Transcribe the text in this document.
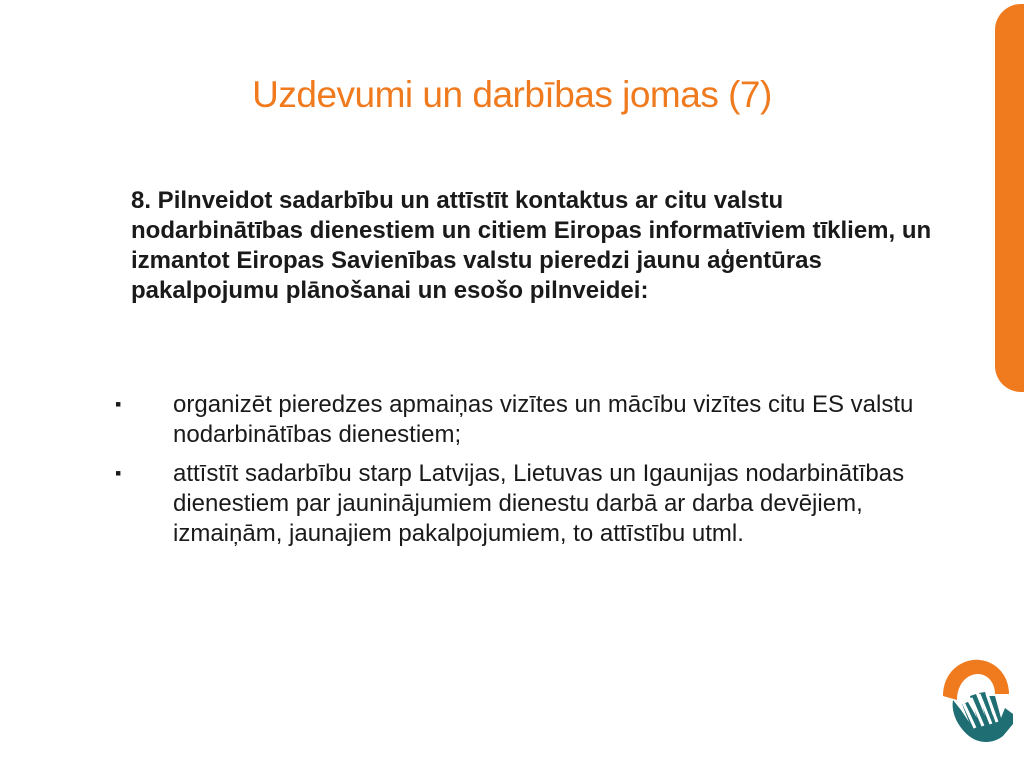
Uzdevumi un darbības jomas (7)
8. Pilnveidot sadarbību un attīstīt kontaktus ar citu valstu nodarbinātības dienestiem un citiem Eiropas informatīviem tīkliem, un izmantot Eiropas Savienības valstu pieredzi jaunu aģentūras pakalpojumu plānošanai un esošo pilnveidei:
▪ organizēt pieredzes apmaiņas vizītes un mācību vizītes citu ES valstu nodarbinātības dienestiem;
▪ attīstīt sadarbību starp Latvijas, Lietuvas un Igaunijas nodarbinātības dienestiem par jauninājumiem dienestu darbā ar darba devējiem, izmaiņām, jaunajiem pakalpojumiem, to attīstību utml.
